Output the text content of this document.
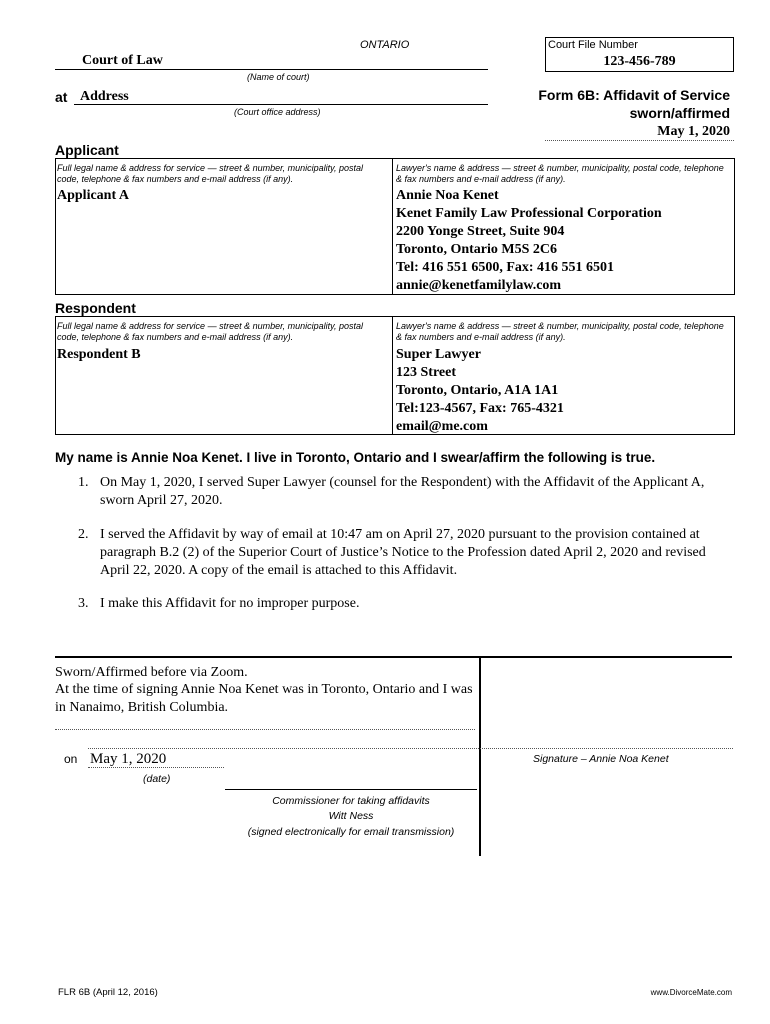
ONTARIO
Court of Law
(Name of court)
at Address
(Court office address)
Court File Number
123-456-789
Form 6B: Affidavit of Service
sworn/affirmed
May 1, 2020
Applicant
Full legal name & address for service — street & number, municipality, postal code, telephone & fax numbers and e-mail address (if any).
Applicant A
Lawyer's name & address — street & number, municipality, postal code, telephone & fax numbers and e-mail address (if any).
Annie Noa Kenet
Kenet Family Law Professional Corporation
2200 Yonge Street, Suite 904
Toronto, Ontario M5S 2C6
Tel: 416 551 6500, Fax: 416 551 6501
annie@kenetfamilylaw.com
Respondent
Full legal name & address for service — street & number, municipality, postal code, telephone & fax numbers and e-mail address (if any).
Respondent B
Lawyer's name & address — street & number, municipality, postal code, telephone & fax numbers and e-mail address (if any).
Super Lawyer
123 Street
Toronto, Ontario, A1A 1A1
Tel:123-4567, Fax: 765-4321
email@me.com
My name is Annie Noa Kenet. I live in Toronto, Ontario and I swear/affirm the following is true.
1. On May 1, 2020, I served Super Lawyer (counsel for the Respondent) with the Affidavit of the Applicant A, sworn April 27, 2020.
2. I served the Affidavit by way of email at 10:47 am on April 27, 2020 pursuant to the provision contained at paragraph B.2 (2) of the Superior Court of Justice’s Notice to the Profession dated April 2, 2020 and revised April 22, 2020. A copy of the email is attached to this Affidavit.
3. I make this Affidavit for no improper purpose.
Sworn/Affirmed before via Zoom.
At the time of signing Annie Noa Kenet was in Toronto, Ontario and I was in Nanaimo, British Columbia.
Signature – Annie Noa Kenet
on May 1, 2020
(date)
Commissioner for taking affidavits
Witt Ness
(signed electronically for email transmission)
FLR 6B (April 12, 2016)	www.DivorceMate.com
